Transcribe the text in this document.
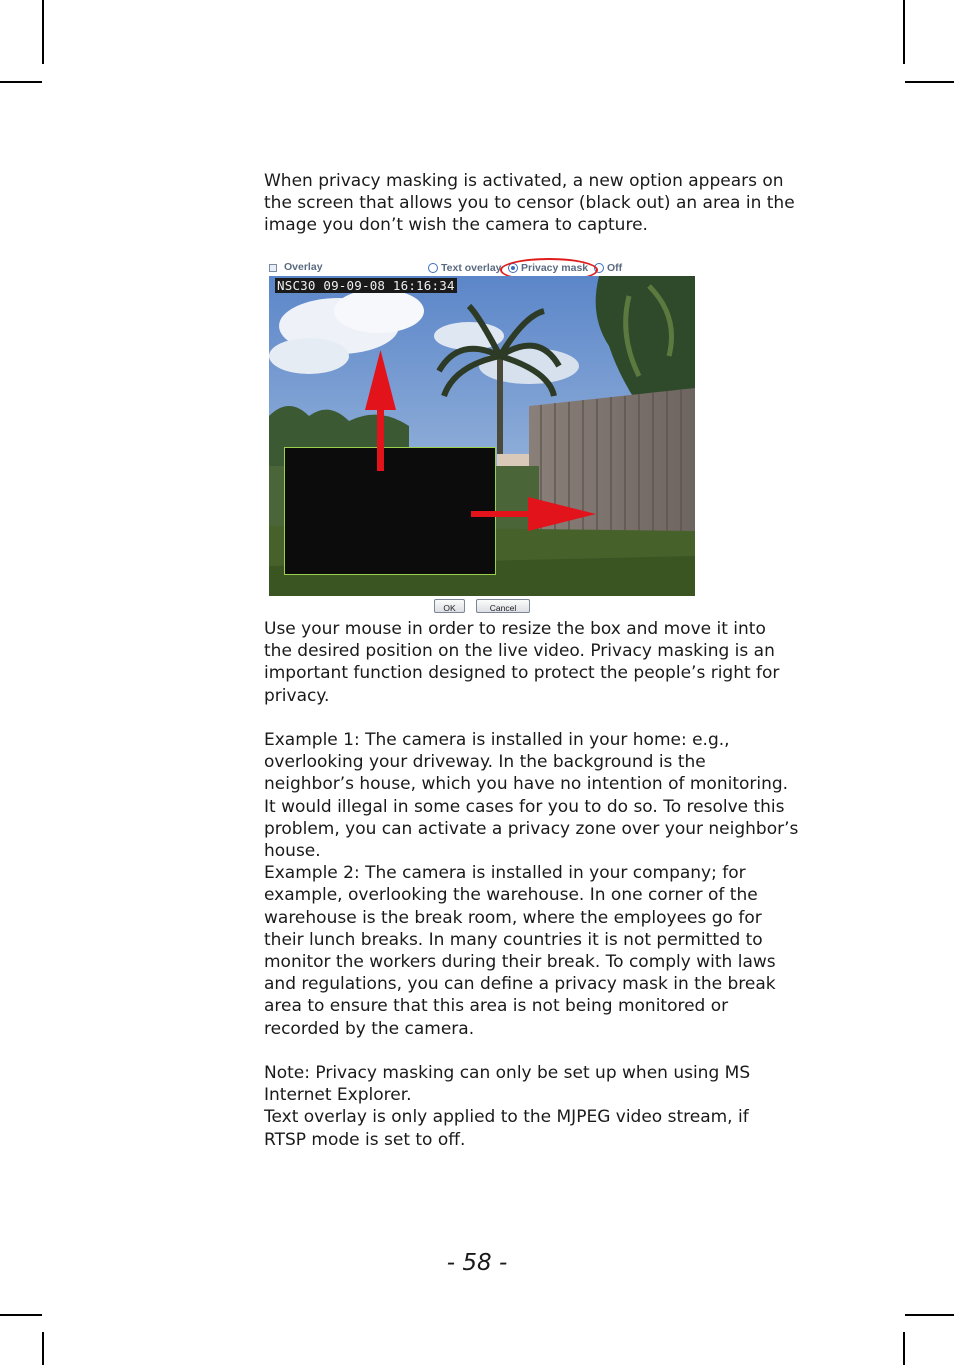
When privacy masking is activated, a new option appears on
the screen that allows you to censor (black out) an area in the
image you don’t wish the camera to capture.

Overlay	Text overlay Privacy mask Off
NSC30 09-09-08 16:16:34
OK	Cancel

Use your mouse in order to resize the box and move it into
the desired position on the live video. Privacy masking is an
important function designed to protect the people’s right for
privacy.

Example 1: The camera is installed in your home: e.g.,
overlooking your driveway. In the background is the
neighbor’s house, which you have no intention of monitoring.
It would illegal in some cases for you to do so. To resolve this
problem, you can activate a privacy zone over your neighbor’s
house.
Example 2: The camera is installed in your company; for
example, overlooking the warehouse. In one corner of the
warehouse is the break room, where the employees go for
their lunch breaks. In many countries it is not permitted to
monitor the workers during their break. To comply with laws
and regulations, you can define a privacy mask in the break
area to ensure that this area is not being monitored or
recorded by the camera.

Note: Privacy masking can only be set up when using MS
Internet Explorer.
Text overlay is only applied to the MJPEG video stream, if
RTSP mode is set to off.

- 58 -
